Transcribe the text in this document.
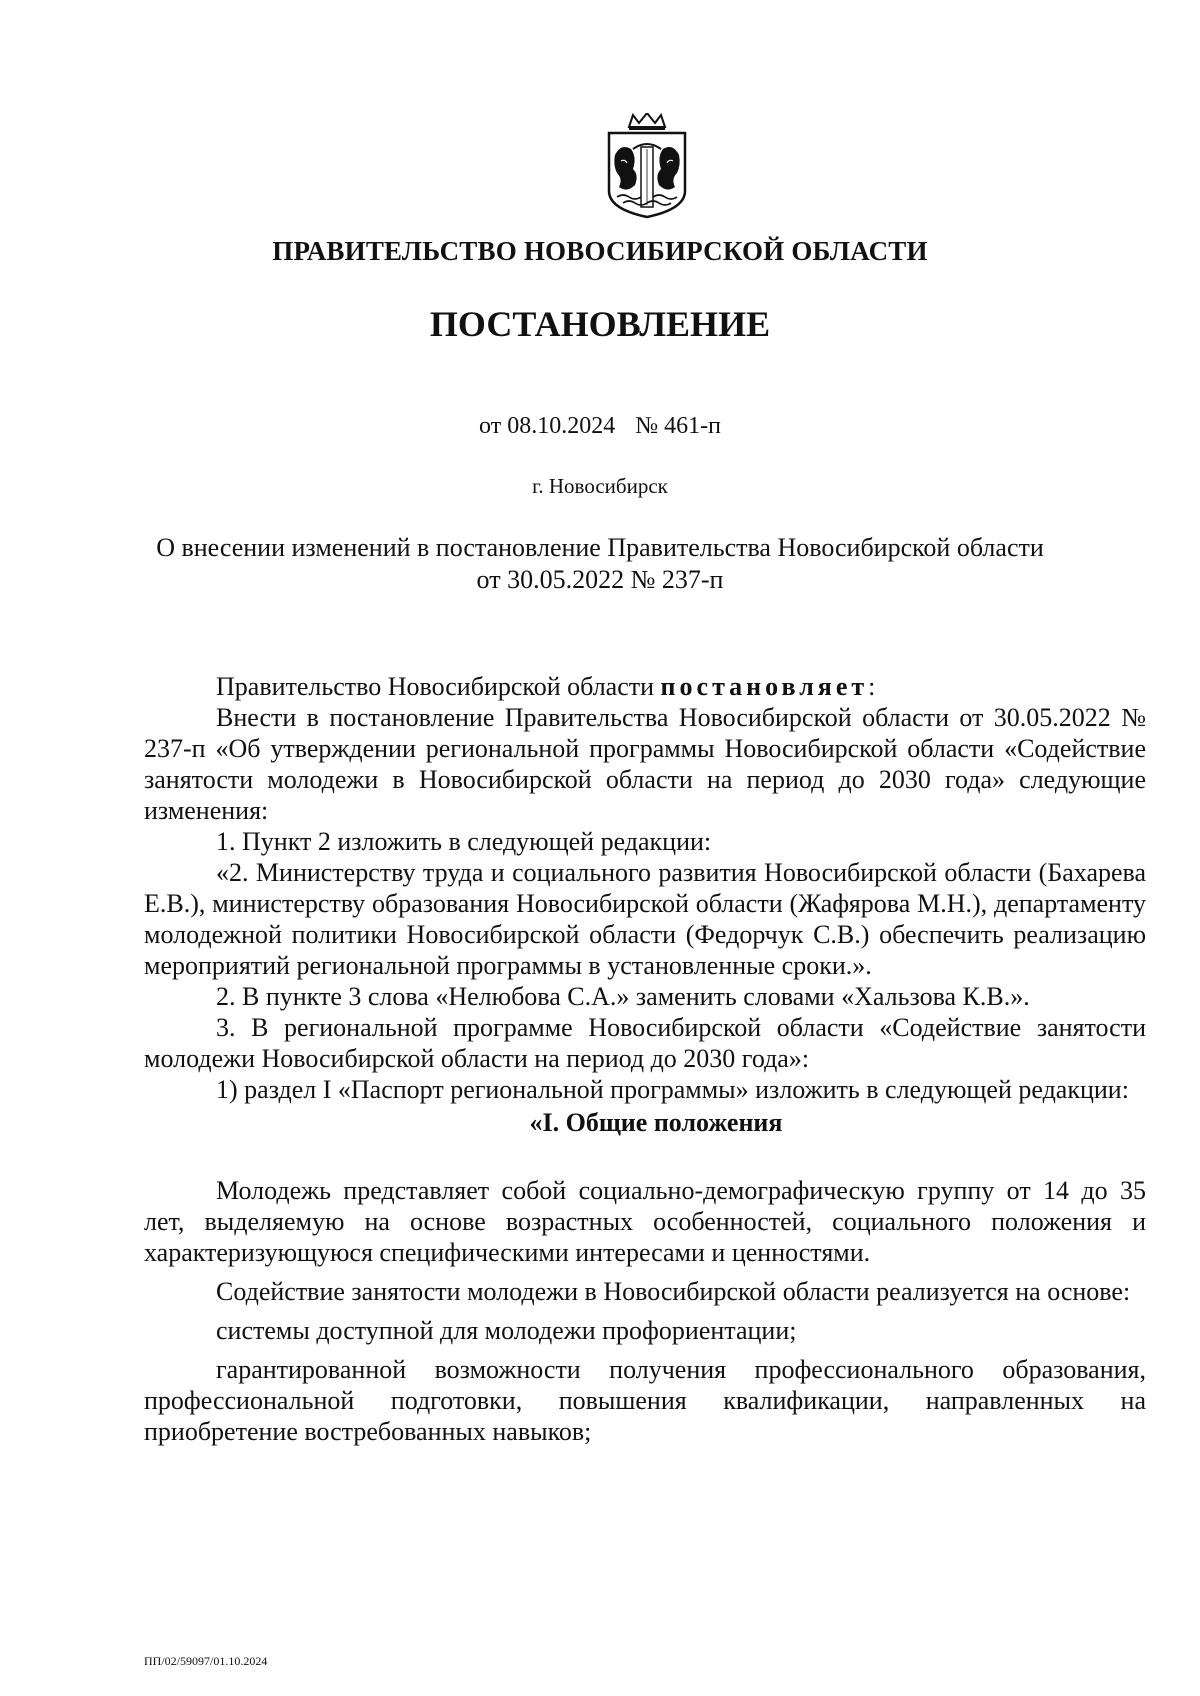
ПРАВИТЕЛЬСТВО НОВОСИБИРСКОЙ ОБЛАСТИ
ПОСТАНОВЛЕНИЕ
от 08.10.2024 № 461-п
г. Новосибирск
О внесении изменений в постановление Правительства Новосибирской области
от 30.05.2022 № 237-п

Правительство Новосибирской области постановляет:

Внести в постановление Правительства Новосибирской области от 30.05.2022 № 237-п «Об утверждении региональной программы Новосибирской области «Содействие занятости молодежи в Новосибирской области на период до 2030 года» следующие изменения:

1. Пункт 2 изложить в следующей редакции:

«2. Министерству труда и социального развития Новосибирской области (Бахарева Е.В.), министерству образования Новосибирской области (Жафярова М.Н.), департаменту молодежной политики Новосибирской области (Федорчук С.В.) обеспечить реализацию мероприятий региональной программы в установленные сроки.».

2. В пункте 3 слова «Нелюбова С.А.» заменить словами «Хальзова К.В.».

3. В региональной программе Новосибирской области «Содействие занятости молодежи Новосибирской области на период до 2030 года»:

1) раздел I «Паспорт региональной программы» изложить в следующей редакции:

«I. Общие положения

Молодежь представляет собой социально-демографическую группу от 14 до 35 лет, выделяемую на основе возрастных особенностей, социального положения и характеризующуюся специфическими интересами и ценностями.

Содействие занятости молодежи в Новосибирской области реализуется на основе:

системы доступной для молодежи профориентации;

гарантированной возможности получения профессионального образования, профессиональной подготовки, повышения квалификации, направленных на приобретение востребованных навыков;

ПП/02/59097/01.10.2024
